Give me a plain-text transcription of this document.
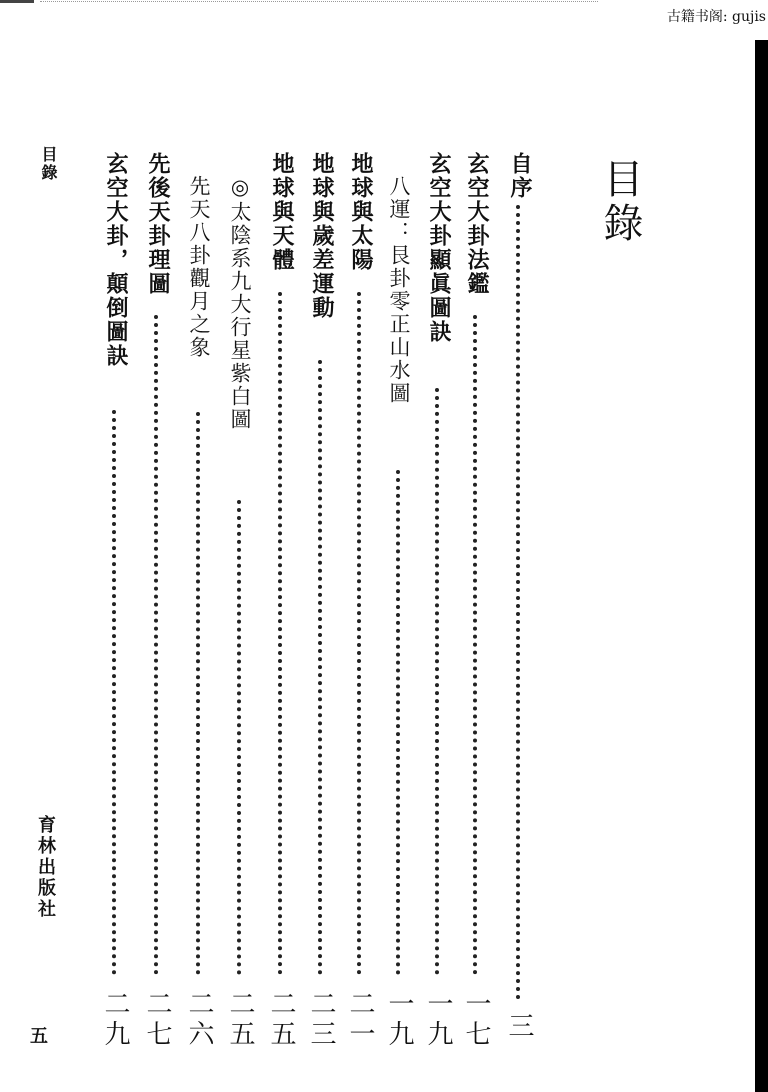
古籍书阁: gujis
目錄
目錄
育林出版社
五
自序
三
玄空大卦法鑑
一七
玄空大卦顯眞圖訣
一九
八運：艮卦零正山水圖
一九
地球與太陽
二一
地球與歲差運動
二三
地球與天體
二五
◎太陰系九大行星紫白圖
二五
先天八卦觀月之象
二六
先後天卦理圖
二七
玄空大卦，顛倒圖訣
二九
